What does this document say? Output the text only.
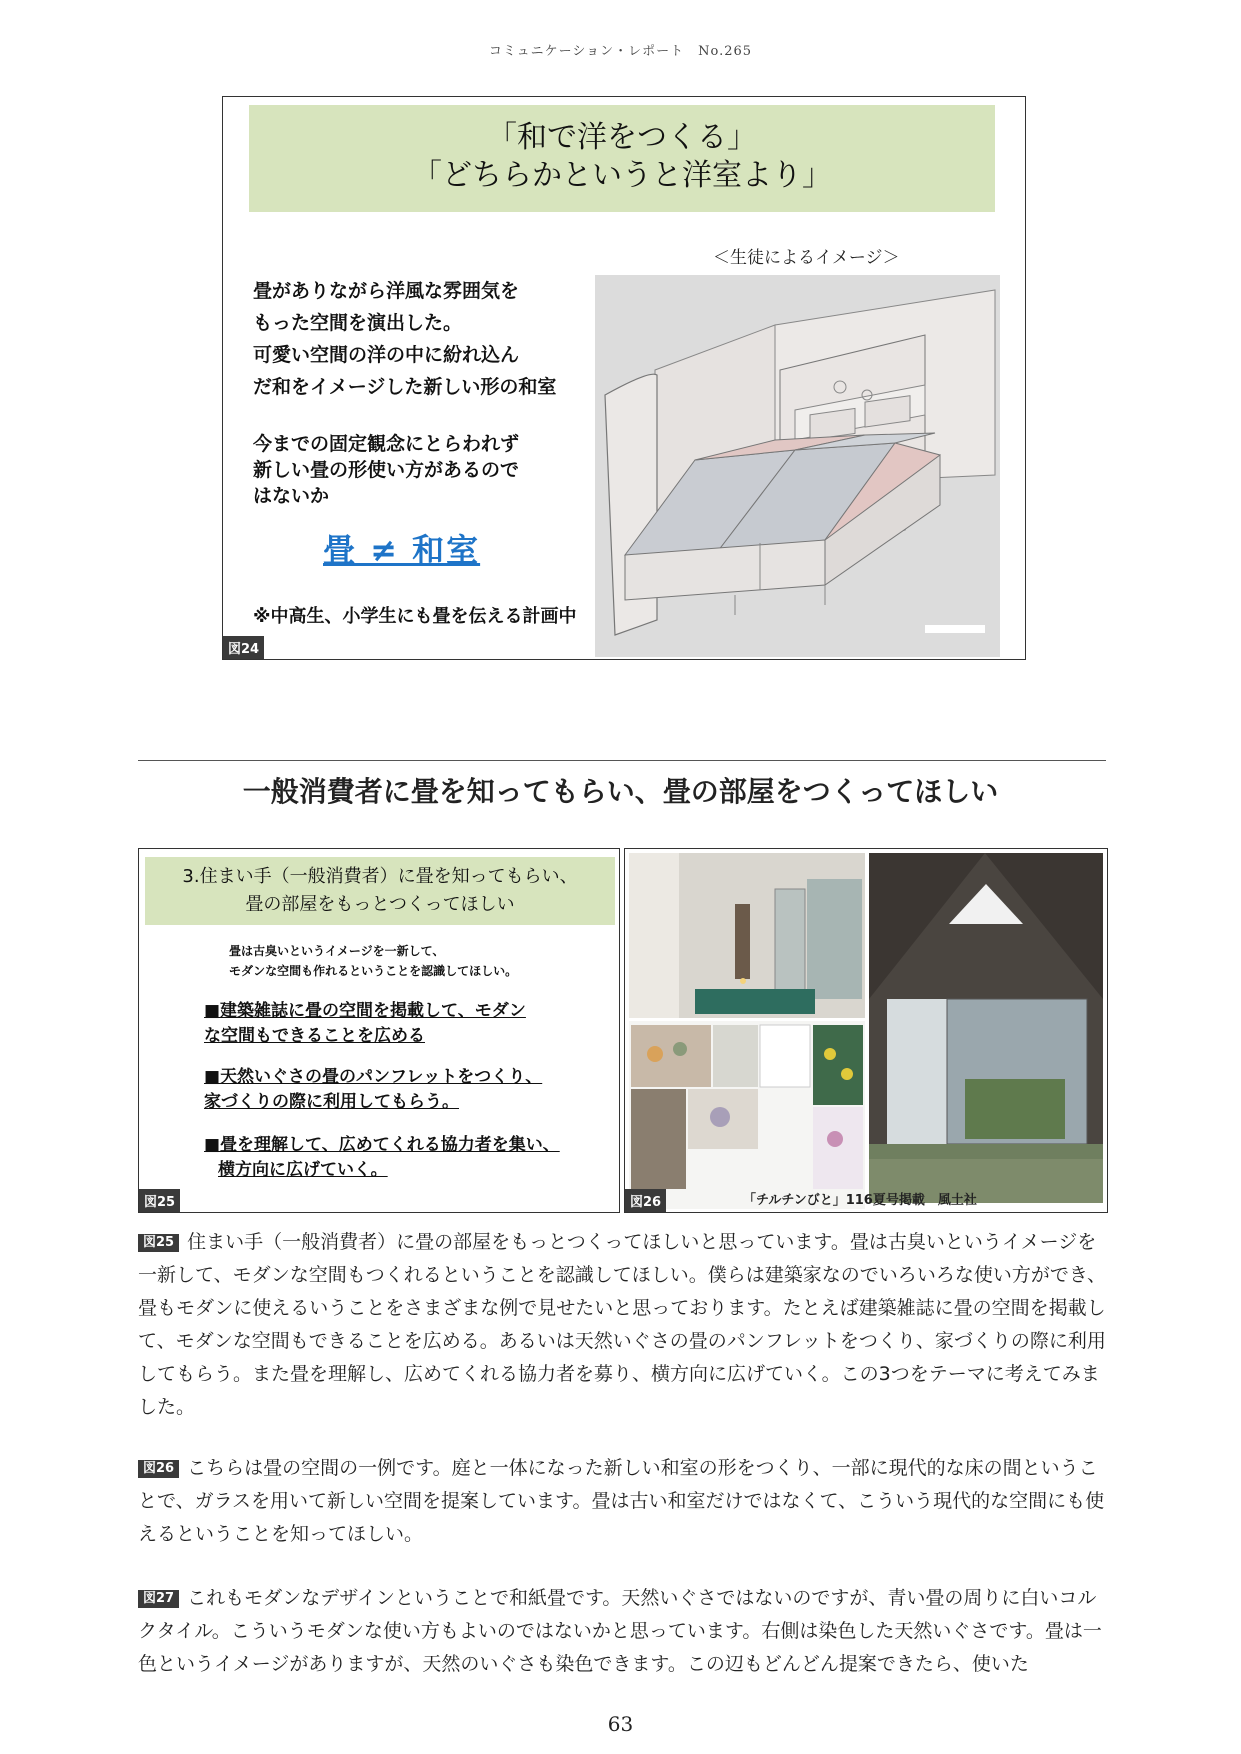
コミュニケーション・レポート　No.265
「和で洋をつくる」
「どちらかというと洋室より」
＜生徒によるイメージ＞
畳がありながら洋風な雰囲気を
もった空間を演出した。
可愛い空間の洋の中に紛れ込ん
だ和をイメージした新しい形の和室
今までの固定観念にとらわれず
新しい畳の形使い方があるので
はないか
畳 ≠ 和室
※中高生、小学生にも畳を伝える計画中
図24
一般消費者に畳を知ってもらい、畳の部屋をつくってほしい
3.住まい手（一般消費者）に畳を知ってもらい、
畳の部屋をもっとつくってほしい
畳は古臭いというイメージを一新して、
モダンな空間も作れるということを認識してほしい。
■建築雑誌に畳の空間を掲載して、モダン
な空間もできることを広める
■天然いぐさの畳のパンフレットをつくり、
家づくりの際に利用してもらう。
■畳を理解して、広めてくれる協力者を集い、
横方向に広げていく。
図25	「チルチンびと」116夏号掲載　風土社
図26
図25 住まい手（一般消費者）に畳の部屋をもっとつくってほしいと思っています。畳は古臭いというイメージを一新して、モダンな空間もつくれるということを認識してほしい。僕らは建築家なのでいろいろな使い方ができ、畳もモダンに使えるいうことをさまざまな例で見せたいと思っております。たとえば建築雑誌に畳の空間を掲載して、モダンな空間もできることを広める。あるいは天然いぐさの畳のパンフレットをつくり、家づくりの際に利用してもらう。また畳を理解し、広めてくれる協力者を募り、横方向に広げていく。この3つをテーマに考えてみました。
図26 こちらは畳の空間の一例です。庭と一体になった新しい和室の形をつくり、一部に現代的な床の間ということで、ガラスを用いて新しい空間を提案しています。畳は古い和室だけではなくて、こういう現代的な空間にも使えるということを知ってほしい。
図27 これもモダンなデザインということで和紙畳です。天然いぐさではないのですが、青い畳の周りに白いコルクタイル。こういうモダンな使い方もよいのではないかと思っています。右側は染色した天然いぐさです。畳は一色というイメージがありますが、天然のいぐさも染色できます。この辺もどんどん提案できたら、使いた
63
